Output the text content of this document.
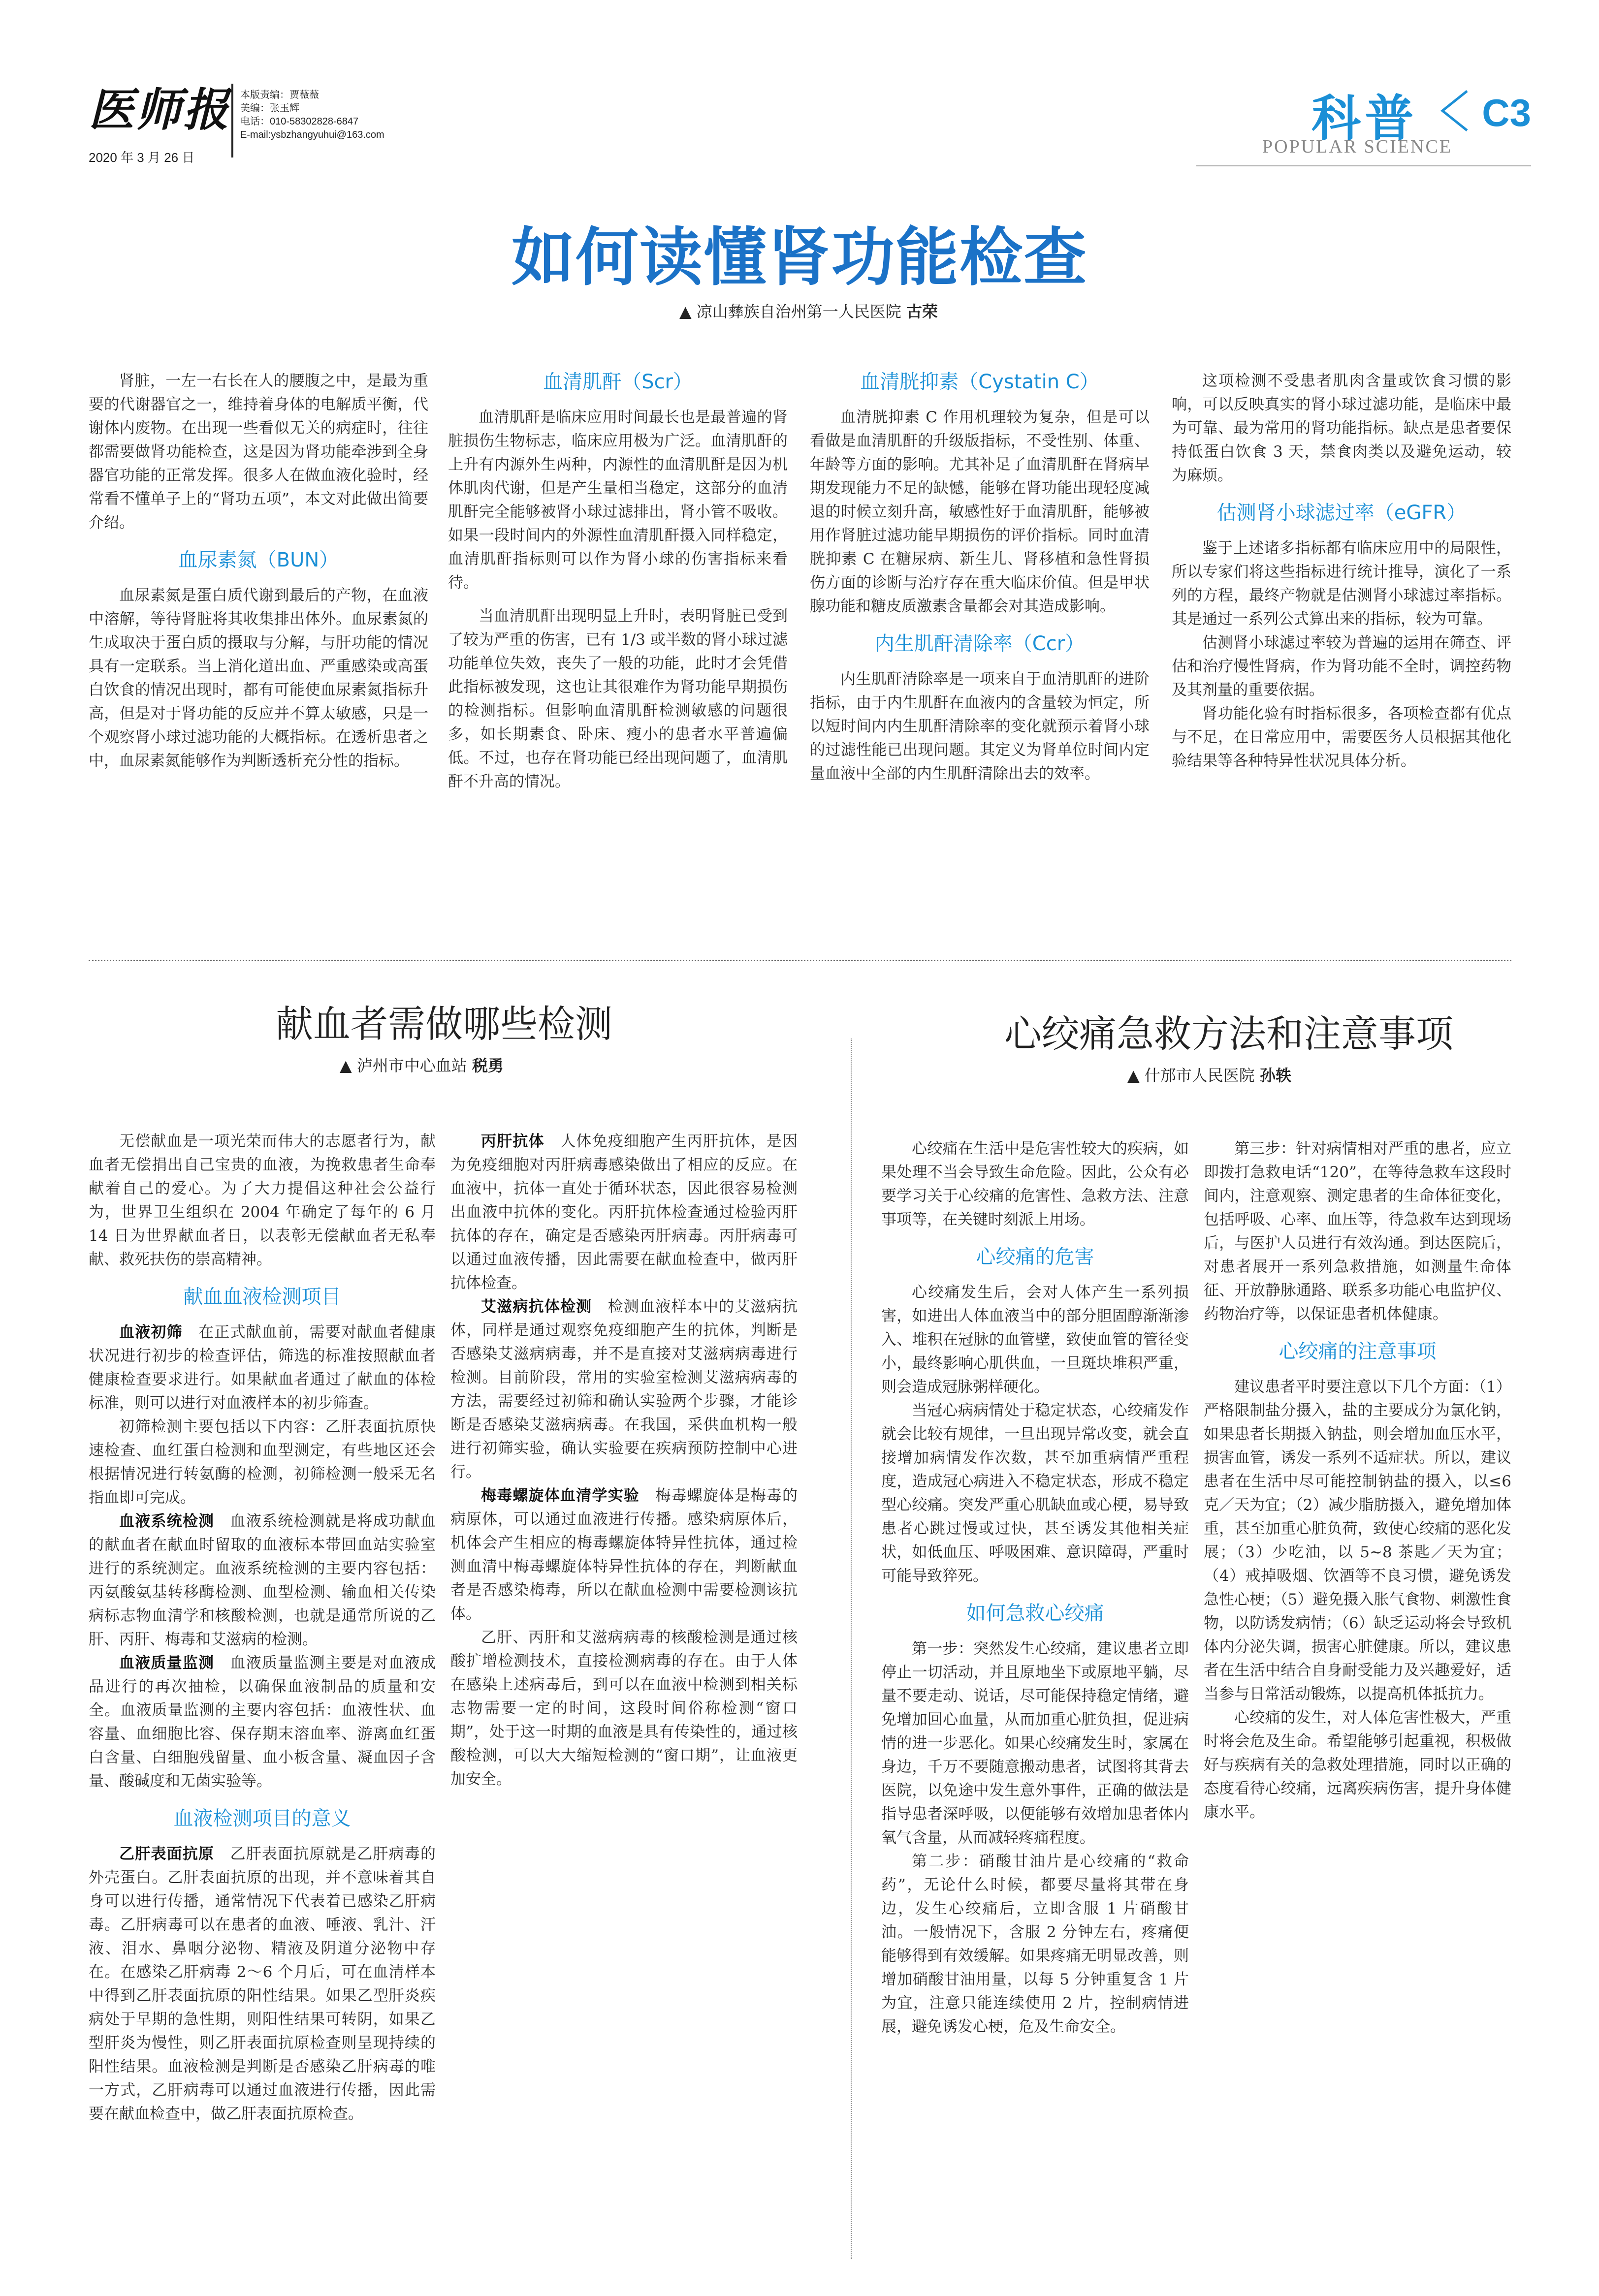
医师报
2020 年 3 月 26 日
本版责编：贾薇薇
美编：张玉辉
电话：010-58302828-6847
E-mail:ysbzhangyuhui@163.com	科普
POPULAR SCIENCE
C3
如何读懂肾功能检查
▲ 凉山彝族自治州第一人民医院 古荣

肾脏，一左一右长在人的腰腹之中，是最为重要的代谢器官之一，维持着身体的电解质平衡，代谢体内废物。在出现一些看似无关的病症时，往往都需要做肾功能检查，这是因为肾功能牵涉到全身器官功能的正常发挥。很多人在做血液化验时，经常看不懂单子上的“肾功五项”，本文对此做出简要介绍。

血尿素氮（BUN）

血尿素氮是蛋白质代谢到最后的产物，在血液中溶解，等待肾脏将其收集排出体外。血尿素氮的生成取决于蛋白质的摄取与分解，与肝功能的情况具有一定联系。当上消化道出血、严重感染或高蛋白饮食的情况出现时，都有可能使血尿素氮指标升高，但是对于肾功能的反应并不算太敏感，只是一个观察肾小球过滤功能的大概指标。在透析患者之中，血尿素氮能够作为判断透析充分性的指标。

血清肌酐（Scr）

血清肌酐是临床应用时间最长也是最普遍的肾脏损伤生物标志，临床应用极为广泛。血清肌酐的上升有内源外生两种，内源性的血清肌酐是因为机体肌肉代谢，但是产生量相当稳定，这部分的血清肌酐完全能够被肾小球过滤排出，肾小管不吸收。如果一段时间内的外源性血清肌酐摄入同样稳定，血清肌酐指标则可以作为肾小球的伤害指标来看待。

当血清肌酐出现明显上升时，表明肾脏已受到了较为严重的伤害，已有 1/3 或半数的肾小球过滤功能单位失效，丧失了一般的功能，此时才会凭借此指标被发现，这也让其很难作为肾功能早期损伤的检测指标。但影响血清肌酐检测敏感的问题很多，如长期素食、卧床、瘦小的患者水平普遍偏低。不过，也存在肾功能已经出现问题了，血清肌酐不升高的情况。

血清胱抑素（Cystatin C）

血清胱抑素 C 作用机理较为复杂，但是可以看做是血清肌酐的升级版指标，不受性别、体重、年龄等方面的影响。尤其补足了血清肌酐在肾病早期发现能力不足的缺憾，能够在肾功能出现轻度减退的时候立刻升高，敏感性好于血清肌酐，能够被用作肾脏过滤功能早期损伤的评价指标。同时血清胱抑素 C 在糖尿病、新生儿、肾移植和急性肾损伤方面的诊断与治疗存在重大临床价值。但是甲状腺功能和糖皮质激素含量都会对其造成影响。

内生肌酐清除率（Ccr）

内生肌酐清除率是一项来自于血清肌酐的进阶指标，由于内生肌酐在血液内的含量较为恒定，所以短时间内内生肌酐清除率的变化就预示着肾小球的过滤性能已出现问题。其定义为肾单位时间内定量血液中全部的内生肌酐清除出去的效率。

这项检测不受患者肌肉含量或饮食习惯的影响，可以反映真实的肾小球过滤功能，是临床中最为可靠、最为常用的肾功能指标。缺点是患者要保持低蛋白饮食 3 天，禁食肉类以及避免运动，较为麻烦。

估测肾小球滤过率（eGFR）

鉴于上述诸多指标都有临床应用中的局限性，所以专家们将这些指标进行统计推导，演化了一系列的方程，最终产物就是估测肾小球滤过率指标。其是通过一系列公式算出来的指标，较为可靠。

估测肾小球滤过率较为普遍的运用在筛查、评估和治疗慢性肾病，作为肾功能不全时，调控药物及其剂量的重要依据。

肾功能化验有时指标很多，各项检查都有优点与不足，在日常应用中，需要医务人员根据其他化验结果等各种特异性状况具体分析。

献血者需做哪些检测
▲ 泸州市中心血站 税勇

无偿献血是一项光荣而伟大的志愿者行为，献血者无偿捐出自己宝贵的血液，为挽救患者生命奉献着自己的爱心。为了大力提倡这种社会公益行为，世界卫生组织在 2004 年确定了每年的 6 月 14 日为世界献血者日，以表彰无偿献血者无私奉献、救死扶伤的崇高精神。

献血血液检测项目

血液初筛　 在正式献血前，需要对献血者健康状况进行初步的检查评估，筛选的标准按照献血者健康检查要求进行。如果献血者通过了献血的体检标准，则可以进行对血液样本的初步筛查。

初筛检测主要包括以下内容：乙肝表面抗原快速检查、血红蛋白检测和血型测定，有些地区还会根据情况进行转氨酶的检测，初筛检测一般采无名指血即可完成。

血液系统检测　 血液系统检测就是将成功献血的献血者在献血时留取的血液标本带回血站实验室进行的系统测定。血液系统检测的主要内容包括：丙氨酸氨基转移酶检测、血型检测、输血相关传染病标志物血清学和核酸检测，也就是通常所说的乙肝、丙肝、梅毒和艾滋病的检测。

血液质量监测　 血液质量监测主要是对血液成品进行的再次抽检，以确保血液制品的质量和安全。血液质量监测的主要内容包括：血液性状、血容量、血细胞比容、保存期末溶血率、游离血红蛋白含量、白细胞残留量、血小板含量、凝血因子含量、酸碱度和无菌实验等。

血液检测项目的意义

乙肝表面抗原　 乙肝表面抗原就是乙肝病毒的外壳蛋白。乙肝表面抗原的出现，并不意味着其自身可以进行传播，通常情况下代表着已感染乙肝病毒。乙肝病毒可以在患者的血液、唾液、乳汁、汗液、泪水、鼻咽分泌物、精液及阴道分泌物中存在。在感染乙肝病毒 2～6 个月后，可在血清样本中得到乙肝表面抗原的阳性结果。如果乙型肝炎疾病处于早期的急性期，则阳性结果可转阴，如果乙型肝炎为慢性，则乙肝表面抗原检查则呈现持续的阳性结果。血液检测是判断是否感染乙肝病毒的唯一方式，乙肝病毒可以通过血液进行传播，因此需要在献血检查中，做乙肝表面抗原检查。

丙肝抗体　 人体免疫细胞产生丙肝抗体，是因为免疫细胞对丙肝病毒感染做出了相应的反应。在血液中，抗体一直处于循环状态，因此很容易检测出血液中抗体的变化。丙肝抗体检查通过检验丙肝抗体的存在，确定是否感染丙肝病毒。丙肝病毒可以通过血液传播，因此需要在献血检查中，做丙肝抗体检查。

艾滋病抗体检测　 检测血液样本中的艾滋病抗体，同样是通过观察免疫细胞产生的抗体，判断是否感染艾滋病病毒，并不是直接对艾滋病病毒进行检测。目前阶段，常用的实验室检测艾滋病病毒的方法，需要经过初筛和确认实验两个步骤，才能诊断是否感染艾滋病病毒。在我国，采供血机构一般进行初筛实验，确认实验要在疾病预防控制中心进行。

梅毒螺旋体血清学实验　 梅毒螺旋体是梅毒的病原体，可以通过血液进行传播。感染病原体后，机体会产生相应的梅毒螺旋体特异性抗体，通过检测血清中梅毒螺旋体特异性抗体的存在，判断献血者是否感染梅毒，所以在献血检测中需要检测该抗体。

乙肝、丙肝和艾滋病病毒的核酸检测是通过核酸扩增检测技术，直接检测病毒的存在。由于人体在感染上述病毒后，到可以在血液中检测到相关标志物需要一定的时间，这段时间俗称检测“窗口期”，处于这一时期的血液是具有传染性的，通过核酸检测，可以大大缩短检测的“窗口期”，让血液更加安全。

心绞痛急救方法和注意事项
▲ 什邡市人民医院 孙轶

心绞痛在生活中是危害性较大的疾病，如果处理不当会导致生命危险。因此，公众有必要学习关于心绞痛的危害性、急救方法、注意事项等，在关键时刻派上用场。

心绞痛的危害

心绞痛发生后，会对人体产生一系列损害，如进出人体血液当中的部分胆固醇渐渐渗入、堆积在冠脉的血管壁，致使血管的管径变小，最终影响心肌供血，一旦斑块堆积严重，则会造成冠脉粥样硬化。

当冠心病病情处于稳定状态，心绞痛发作就会比较有规律，一旦出现异常改变，就会直接增加病情发作次数，甚至加重病情严重程度，造成冠心病进入不稳定状态，形成不稳定型心绞痛。突发严重心肌缺血或心梗，易导致患者心跳过慢或过快，甚至诱发其他相关症状，如低血压、呼吸困难、意识障碍，严重时可能导致猝死。

如何急救心绞痛

第一步：突然发生心绞痛，建议患者立即停止一切活动，并且原地坐下或原地平躺，尽量不要走动、说话，尽可能保持稳定情绪，避免增加回心血量，从而加重心脏负担，促进病情的进一步恶化。如果心绞痛发生时，家属在身边，千万不要随意搬动患者，试图将其背去医院，以免途中发生意外事件，正确的做法是指导患者深呼吸，以便能够有效增加患者体内氧气含量，从而减轻疼痛程度。

第二步：硝酸甘油片是心绞痛的“救命药”，无论什么时候，都要尽量将其带在身边，发生心绞痛后，立即含服 1 片硝酸甘油。一般情况下，含服 2 分钟左右，疼痛便能够得到有效缓解。如果疼痛无明显改善，则增加硝酸甘油用量，以每 5 分钟重复含 1 片为宜，注意只能连续使用 2 片，控制病情进展，避免诱发心梗，危及生命安全。

第三步：针对病情相对严重的患者，应立即拨打急救电话“120”，在等待急救车这段时间内，注意观察、测定患者的生命体征变化，包括呼吸、心率、血压等，待急救车达到现场后，与医护人员进行有效沟通。到达医院后，对患者展开一系列急救措施，如测量生命体征、开放静脉通路、联系多功能心电监护仪、药物治疗等，以保证患者机体健康。

心绞痛的注意事项

建议患者平时要注意以下几个方面：（1）严格限制盐分摄入，盐的主要成分为氯化钠，如果患者长期摄入钠盐，则会增加血压水平，损害血管，诱发一系列不适症状。所以，建议患者在生活中尽可能控制钠盐的摄入，以≤6 克／天为宜；（2）减少脂肪摄入，避免增加体重，甚至加重心脏负荷，致使心绞痛的恶化发展；（3）少吃油，以 5~8 茶匙／天为宜；（4）戒掉吸烟、饮酒等不良习惯，避免诱发急性心梗；（5）避免摄入胀气食物、刺激性食物，以防诱发病情；（6）缺乏运动将会导致机体内分泌失调，损害心脏健康。所以，建议患者在生活中结合自身耐受能力及兴趣爱好，适当参与日常活动锻炼，以提高机体抵抗力。

心绞痛的发生，对人体危害性极大，严重时将会危及生命。希望能够引起重视，积极做好与疾病有关的急救处理措施，同时以正确的态度看待心绞痛，远离疾病伤害，提升身体健康水平。
